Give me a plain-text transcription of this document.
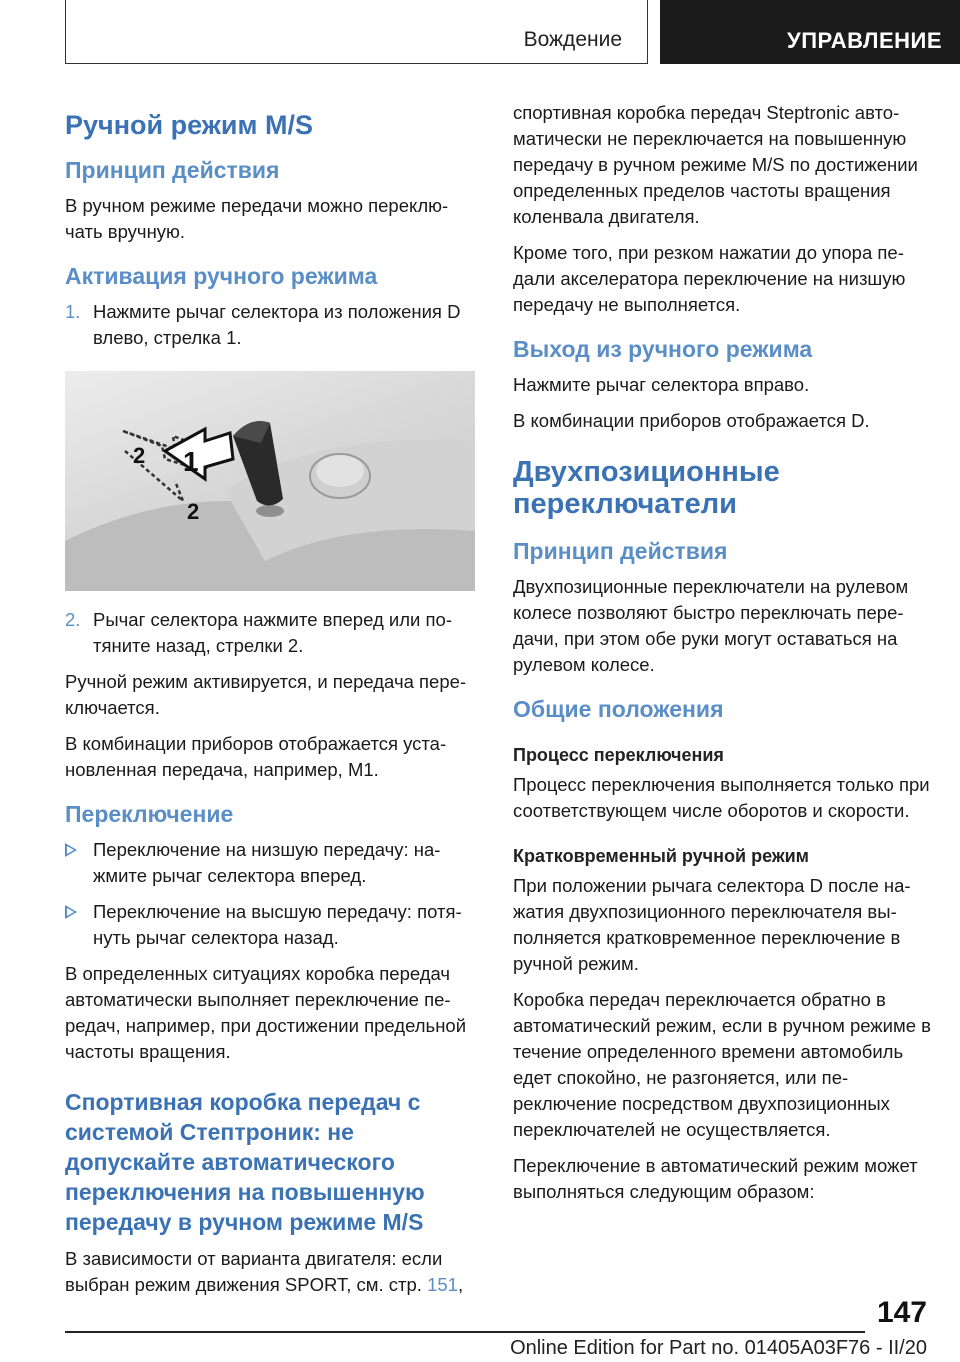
Вождение	УПРАВЛЕНИЕ
Ручной режим M/S
Принцип действия

В ручном режиме передачи можно переключать вручную.

Активация ручного режима
1. Нажмите рычаг селектора из положения D влево, стрелка 1.
1
2
2
2. Рычаг селектора нажмите вперед или потяните назад, стрелки 2.

Ручной режим активируется, и передача переключается.

В комбинации приборов отображается установленная передача, например, M1.

Переключение
Переключение на низшую передачу: нажмите рычаг селектора вперед.
Переключение на высшую передачу: потянуть рычаг селектора назад.

В определенных ситуациях коробка передач автоматически выполняет переключение передач, например, при достижении предельной частоты вращения.

Спортивная коробка передач с системой Стептроник: не допускайте автоматического переключения на повышенную передачу в ручном режиме M/S

В зависимости от варианта двигателя: если выбран режим движения SPORT, см. стр. 151,

спортивная коробка передач Steptronic автоматически не переключается на повышенную передачу в ручном режиме M/S по достижении определенных пределов частоты вращения коленвала двигателя.

Кроме того, при резком нажатии до упора педали акселератора переключение на низшую передачу не выполняется.

Выход из ручного режима

Нажмите рычаг селектора вправо.

В комбинации приборов отображается D.

Двухпозиционные переключатели
Принцип действия

Двухпозиционные переключатели на рулевом колесе позволяют быстро переключать передачи, при этом обе руки могут оставаться на рулевом колесе.

Общие положения
Процесс переключения

Процесс переключения выполняется только при соответствующем числе оборотов и скорости.

Кратковременный ручной режим

При положении рычага селектора D после нажатия двухпозиционного переключателя выполняется кратковременное переключение в ручной режим.

Коробка передач переключается обратно в автоматический режим, если в ручном режиме в течение определенного времени автомобиль едет спокойно, не разгоняется, или переключение посредством двухпозиционных переключателей не осуществляется.

Переключение в автоматический режим может выполняться следующим образом:

147
Online Edition for Part no. 01405A03F76 - II/20
